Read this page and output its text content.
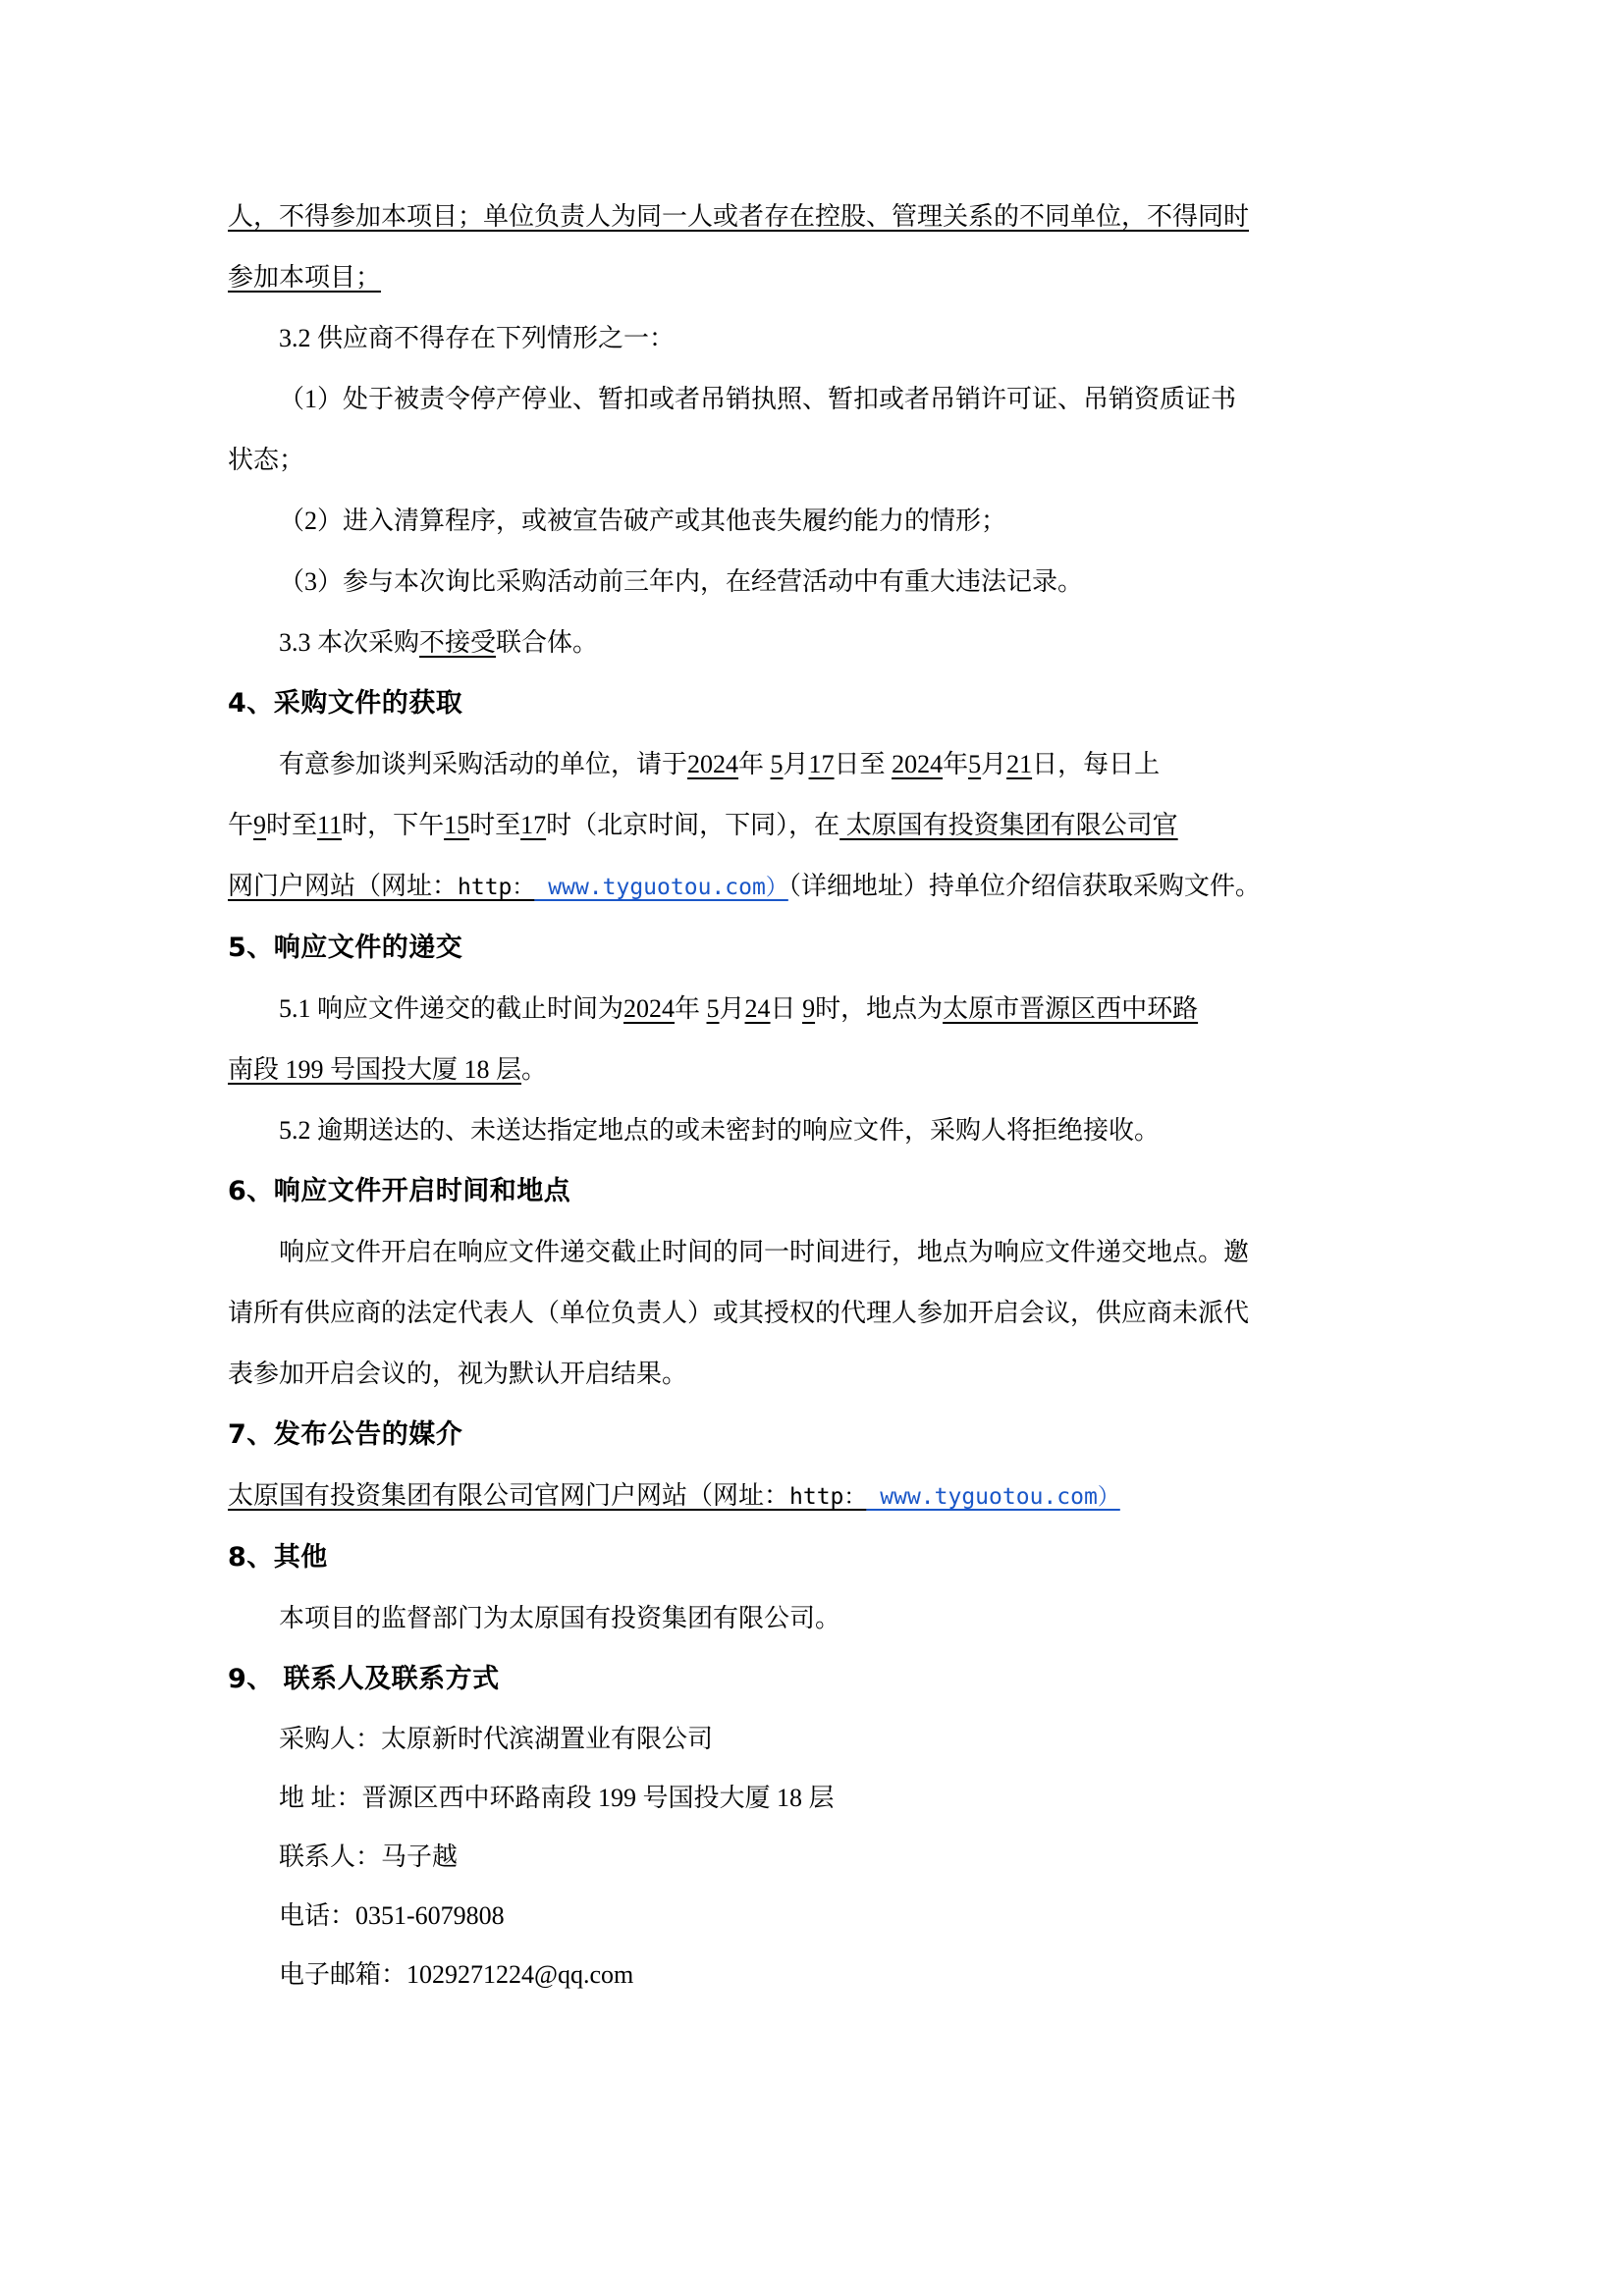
人，不得参加本项目；单位负责人为同一人或者存在控股、管理关系的不同单位，不得同时

参加本项目；

3.2 供应商不得存在下列情形之一：

（1）处于被责令停产停业、暂扣或者吊销执照、暂扣或者吊销许可证、吊销资质证书

状态；

（2）进入清算程序，或被宣告破产或其他丧失履约能力的情形；

（3）参与本次询比采购活动前三年内，在经营活动中有重大违法记录。

3.3 本次采购不接受联合体。

4、采购文件的获取

有意参加谈判采购活动的单位，请于2024年 5月17日至 2024年5月21日，每日上

午9时至11时，下午15时至17时（北京时间，下同），在 太原国有投资集团有限公司官

网门户网站（网址：http： www.tyguotou.com）（详细地址）持单位介绍信获取采购文件。

5、响应文件的递交

5.1 响应文件递交的截止时间为2024年 5月24日 9时，地点为太原市晋源区西中环路

南段 199 号国投大厦 18 层。

5.2 逾期送达的、未送达指定地点的或未密封的响应文件，采购人将拒绝接收。

6、响应文件开启时间和地点

响应文件开启在响应文件递交截止时间的同一时间进行，地点为响应文件递交地点。邀

请所有供应商的法定代表人（单位负责人）或其授权的代理人参加开启会议，供应商未派代

表参加开启会议的，视为默认开启结果。

7、发布公告的媒介

太原国有投资集团有限公司官网门户网站（网址：http： www.tyguotou.com）

8、其他

本项目的监督部门为太原国有投资集团有限公司。

9、 联系人及联系方式

采购人：太原新时代滨湖置业有限公司

地 址：晋源区西中环路南段 199 号国投大厦 18 层

联系人：马子越

电话：0351-6079808

电子邮箱：1029271224@qq.com
